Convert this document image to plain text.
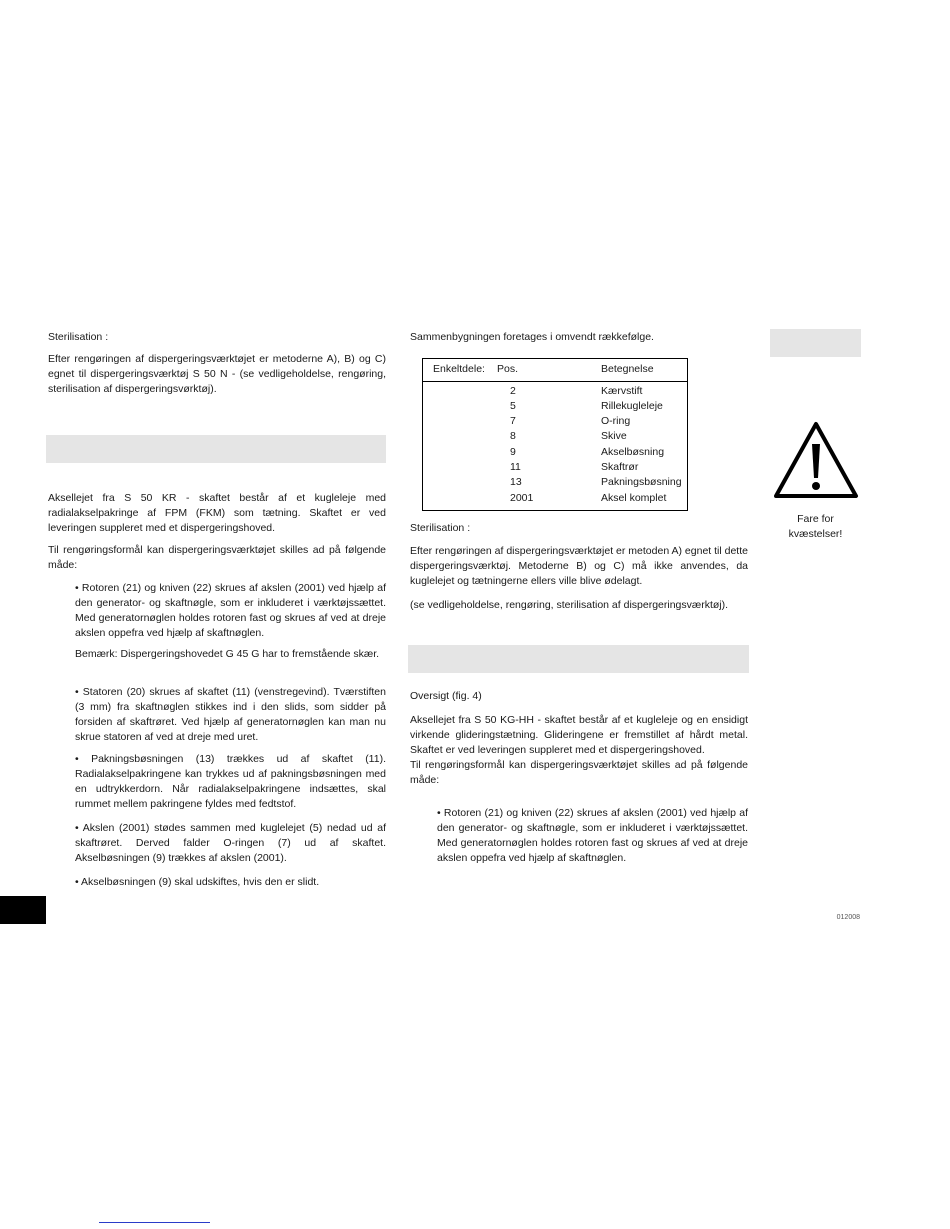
Sterilisation :

Efter rengøringen af dispergeringsværktøjet er metoderne A), B) og C) egnet til dispergeringsværktøj S 50 N - (se vedligeholdelse, rengøring, sterilisation af dispergeringsvørktøj).

Aksellejet fra S 50 KR - skaftet består af et kugleleje med radialakselpakringe af FPM (FKM) som tætning. Skaftet er ved leveringen suppleret med et dispergeringshoved.

Til rengøringsformål kan dispergeringsværktøjet skilles ad på følgende måde:

• Rotoren (21) og kniven (22) skrues af akslen (2001) ved hjælp af den generator- og skaftnøgle, som er inkluderet i værktøjssættet. Med generatornøglen holdes rotoren fast og skrues af ved at dreje akslen oppefra ved hjælp af skaftnøglen.

Bemærk: Dispergeringshovedet G 45 G har to fremstående skær.

• Statoren (20) skrues af skaftet (11) (venstregevind). Tværstiften (3 mm) fra skaftnøglen stikkes ind i den slids, som sidder på forsiden af skaftrøret. Ved hjælp af generatornøglen kan man nu skrue statoren af ved at dreje med uret.

• Pakningsbøsningen (13) trækkes ud af skaftet (11). Radialakselpakringene kan trykkes ud af pakningsbøsningen med en udtrykkerdorn. Når radialakselpakringene indsættes, skal rummet mellem pakringene fyldes med fedtstof.

• Akslen (2001) stødes sammen med kuglelejet (5) nedad ud af skaftrøret. Derved falder O-ringen (7) ud af skaftet. Akselbøsningen (9) trækkes af akslen (2001).

• Akselbøsningen (9) skal udskiftes, hvis den er slidt.

Sammenbygningen foretages i omvendt rækkefølge.

Enkeltdele: Pos.	Betegnelse
2	Kærvstift
5	Rillekugleleje
7	O-ring
8	Skive
9	Akselbøsning
11	Skaftrør
13	Pakningsbøsning
2001	Aksel komplet

Sterilisation :

Efter rengøringen af dispergeringsværktøjet er metoden A) egnet til dette dispergeringsværktøj. Metoderne B) og C) må ikke anvendes, da kuglelejet og tætningerne ellers ville blive ødelagt.

(se vedligeholdelse, rengøring, sterilisation af dispergeringsværktøj).

Oversigt (fig. 4)

Aksellejet fra S 50 KG-HH - skaftet består af et kugleleje og en ensidigt virkende glideringstætning. Glideringene er fremstillet af hårdt metal. Skaftet er ved leveringen suppleret med et dispergeringshoved.

Til rengøringsformål kan dispergeringsværktøjet skilles ad på følgende måde:

• Rotoren (21) og kniven (22) skrues af akslen (2001) ved hjælp af den generator- og skaftnøgle, som er inkluderet i værktøjssættet. Med generatornøglen holdes rotoren fast og skrues af ved at dreje akslen oppefra ved hjælp af skaftnøglen.

Fare for

kvæstelser!

012008
